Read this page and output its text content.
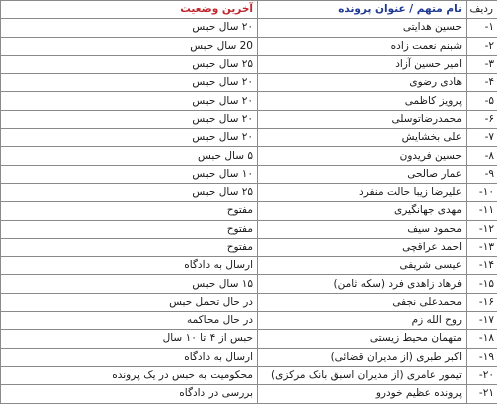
ردیف	نام متهم / عنوان پرونده	آخرین وضعیت
۱-	حسین هدایتی	۲۰ سال حبس
۲-	شبنم نعمت زاده	20 سال حبس
۳-	امیر حسین آزاد	۲۵ سال حبس
۴-	هادی رضوی	۲۰ سال حبس
۵-	پرویز کاظمی	۲۰ سال حبس
۶-	محمدرضاتوسلی	۲۰ سال حبس
۷-	علی بخشایش	۲۰ سال حبس
۸-	حسین فریدون	۵ سال حبس
۹-	عمار صالحی	۱۰ سال حبس
۱۰-	علیرضا زیبا حالت منفرد	۲۵ سال حبس
۱۱-	مهدی جهانگیری	مفتوح
۱۲-	محمود سیف	مفتوح
۱۳-	احمد عراقچی	مفتوح
۱۴-	عیسی شریفی	ارسال به دادگاه
۱۵-	فرهاد زاهدی فرد (سکه ثامن)	۱۵ سال حبس
۱۶-	محمدعلی نجفی	در حال تحمل حبس
۱۷-	روح الله زم	در حال محاکمه
۱۸-	متهمان محیط زیستی	حبس از ۴ تا ۱۰ سال
۱۹-	اکبر طبری (از مدیران قضائی)	ارسال به دادگاه
۲۰-	تیمور عامری (از مدیران اسبق بانک مرکزی)	محکومیت به حبس در یک پرونده
۲۱-	پرونده عظیم خودرو	بررسی در دادگاه
